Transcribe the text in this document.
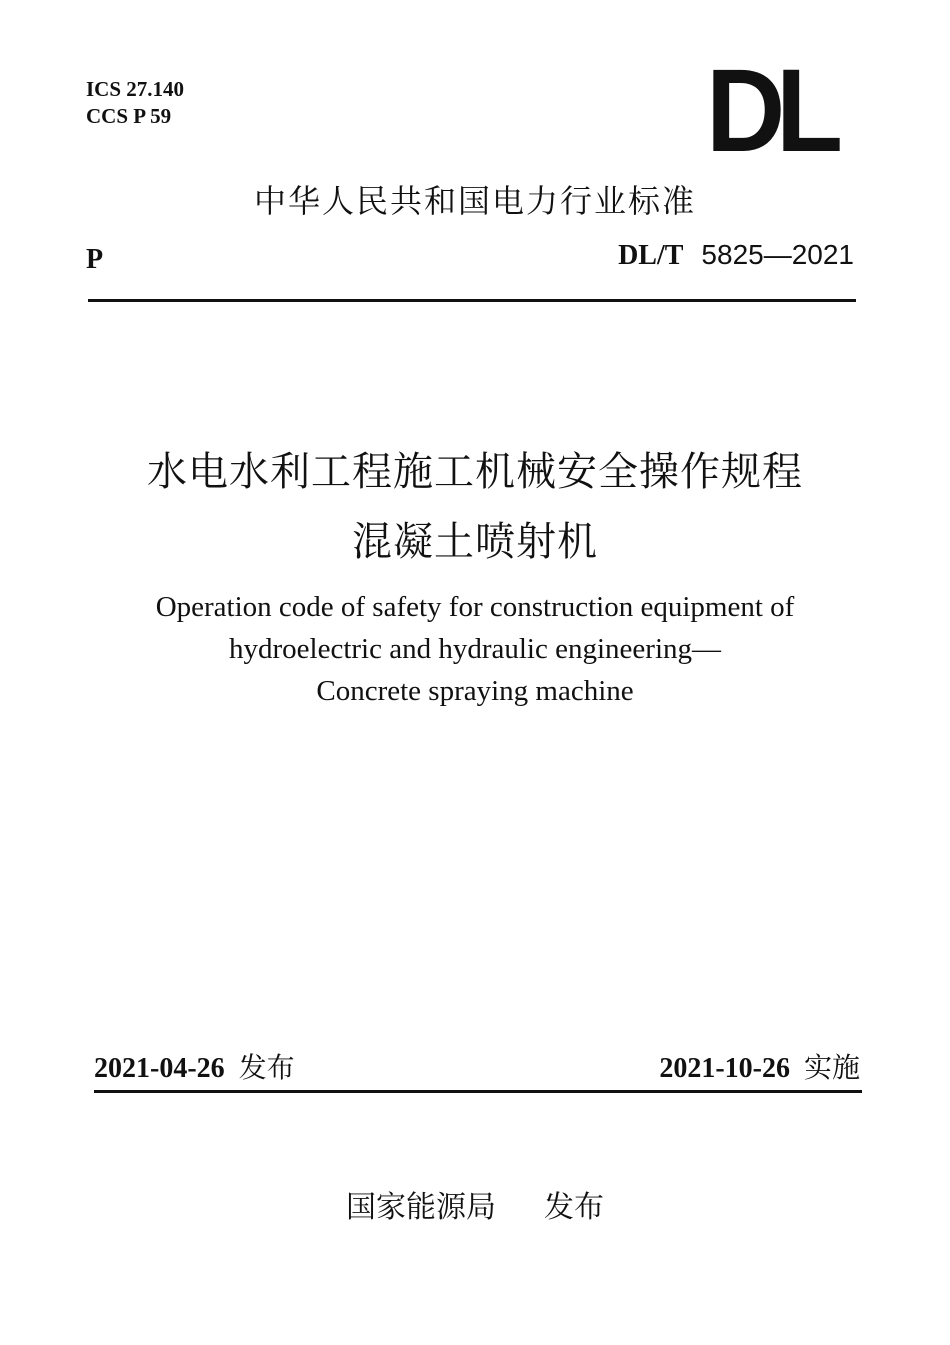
ICS 27.140
CCS P 59	DL
中华人民共和国电力行业标准
P	DL/T 5825—2021
水电水利工程施工机械安全操作规程
混凝土喷射机
Operation code of safety for construction equipment of
hydroelectric and hydraulic engineering—
Concrete spraying machine
2021-04-26 发布	2021-10-26 实施
国家能源局 发布
